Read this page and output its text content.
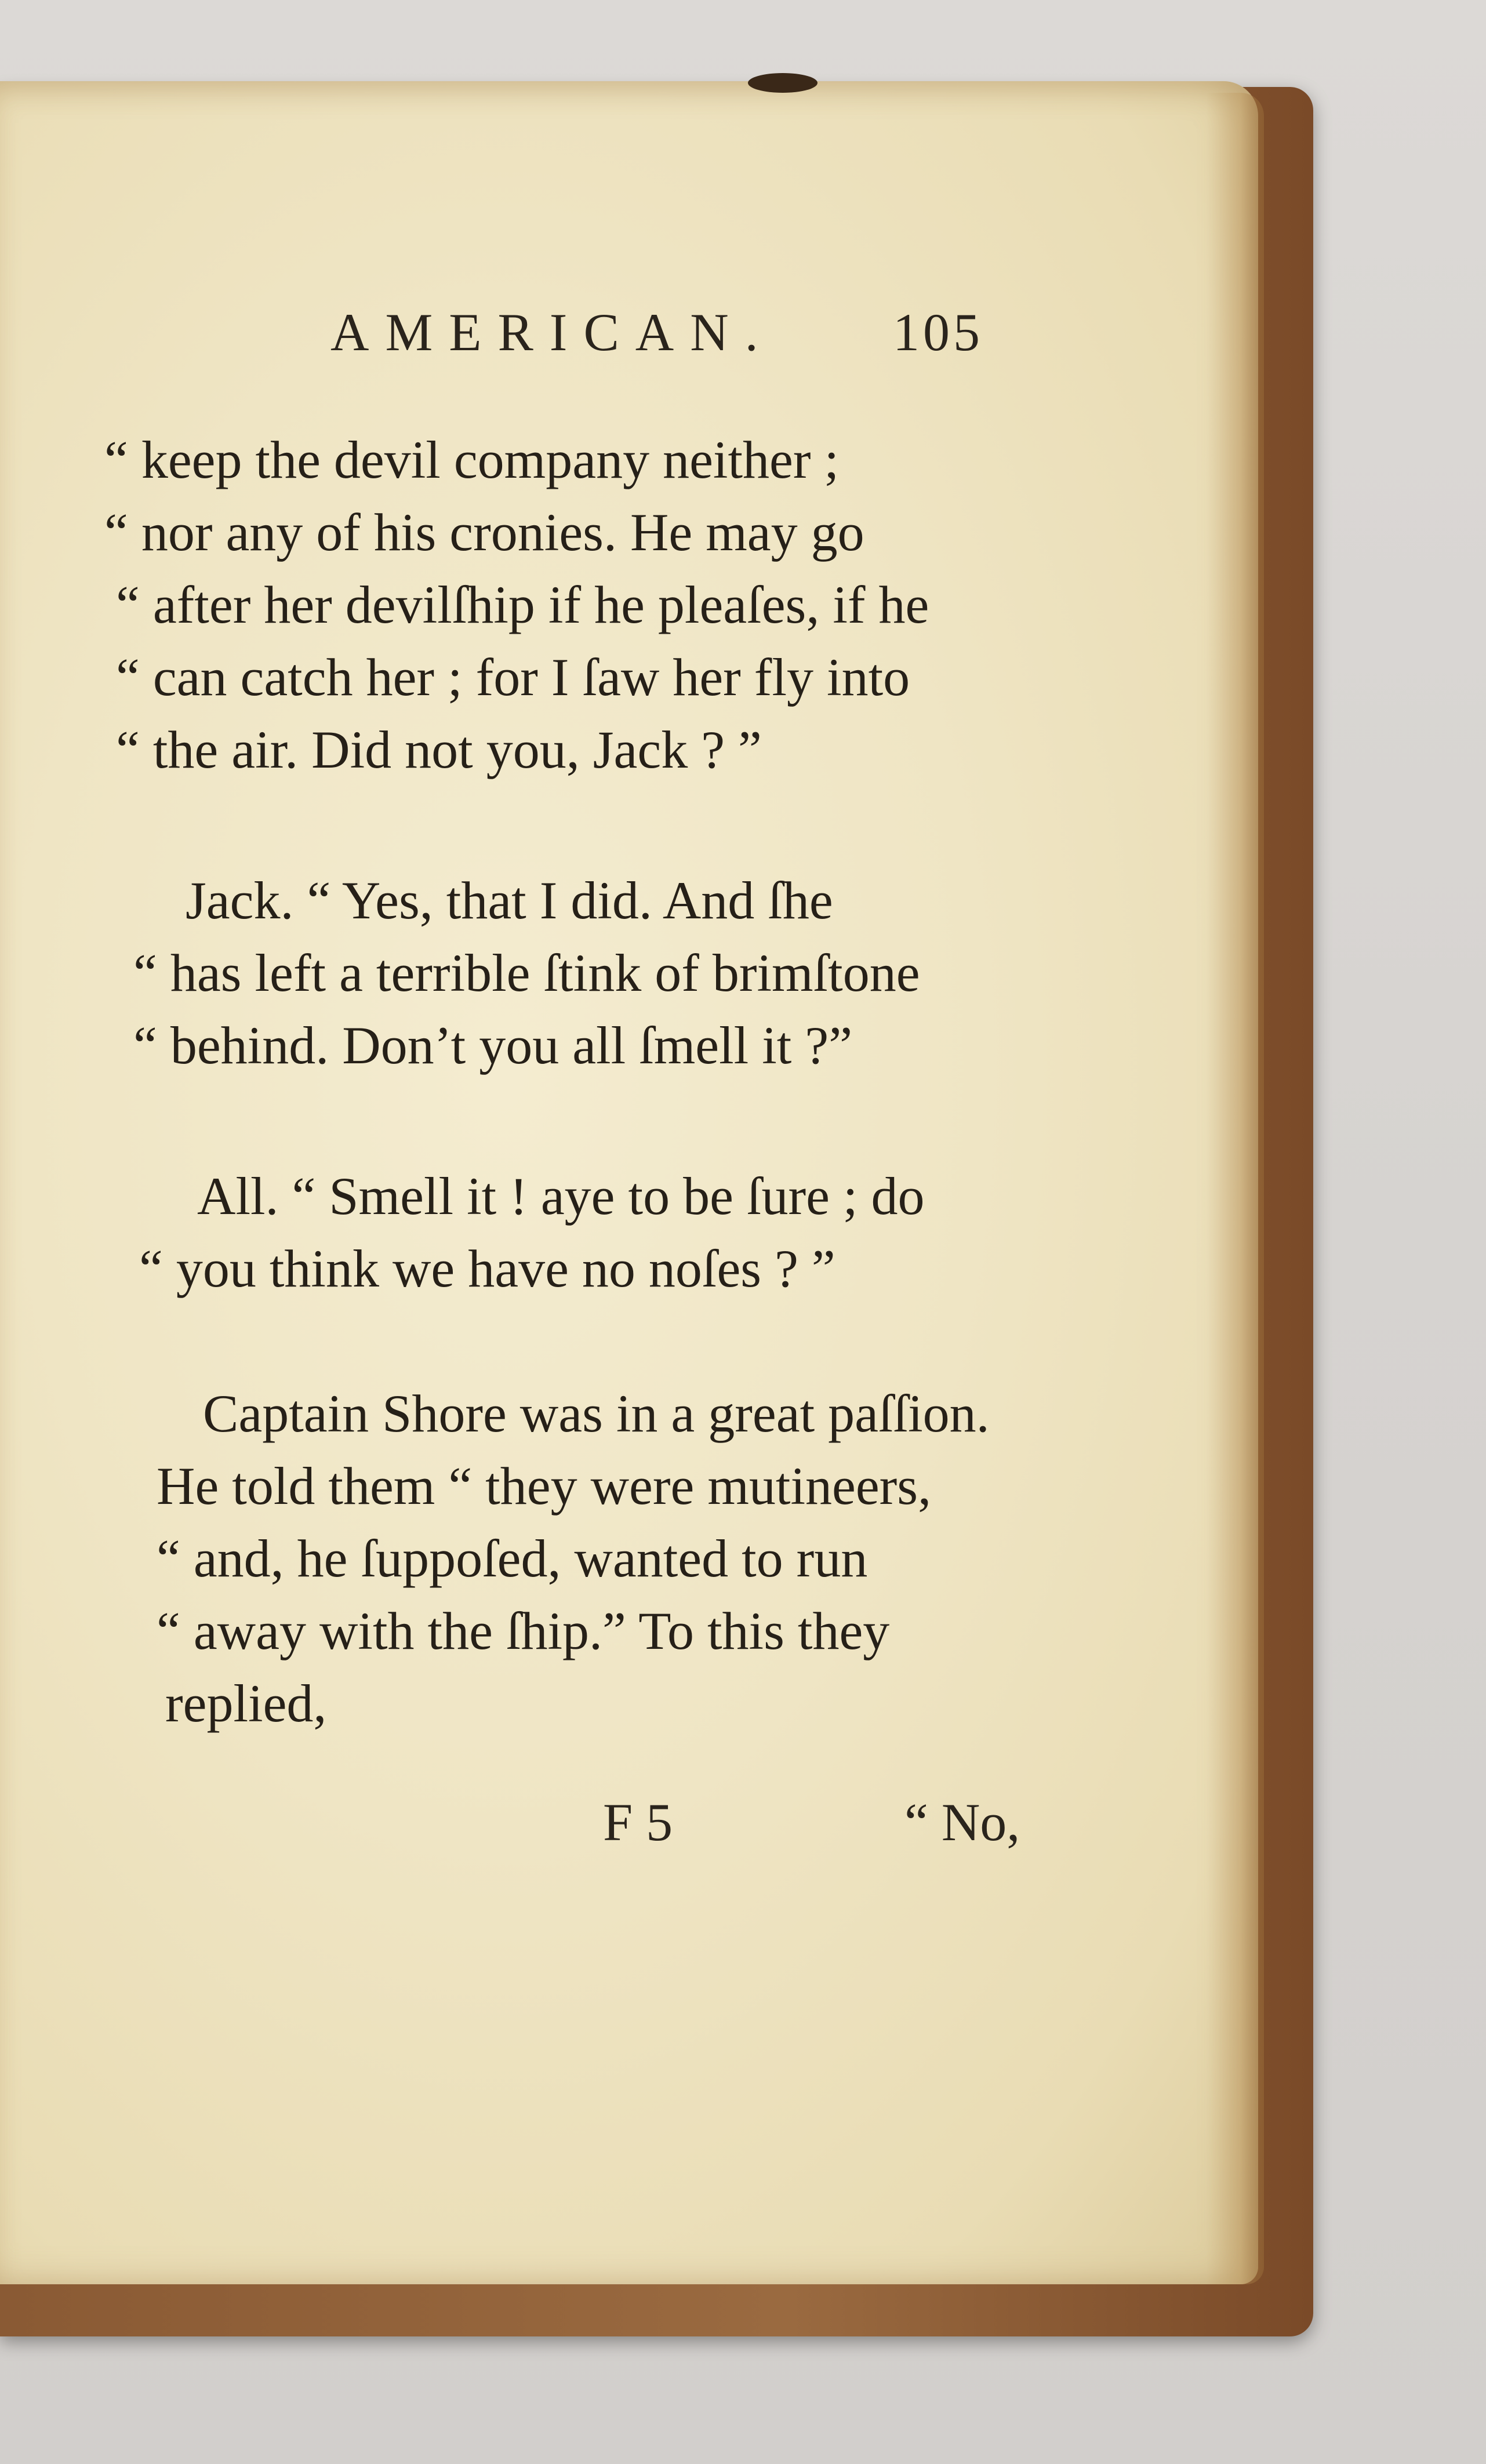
AMERICAN. 105
“ keep the devil company neither ;
“ nor any of his cronies. He may go
“ after her devilſhip if he pleaſes, if he
“ can catch her ; for I ſaw her fly into
“ the air. Did not you, Jack ? ”
Jack. “ Yes, that I did. And ſhe
“ has left a terrible ſtink of brimſtone
“ behind. Don’t you all ſmell it ?”
All. “ Smell it ! aye to be ſure ; do
“ you think we have no noſes ? ”
Captain Shore was in a great paſſion.
He told them “ they were mutineers,
“ and, he ſuppoſed, wanted to run
“ away with the ſhip.” To this they
replied,
F 5	“ No,
